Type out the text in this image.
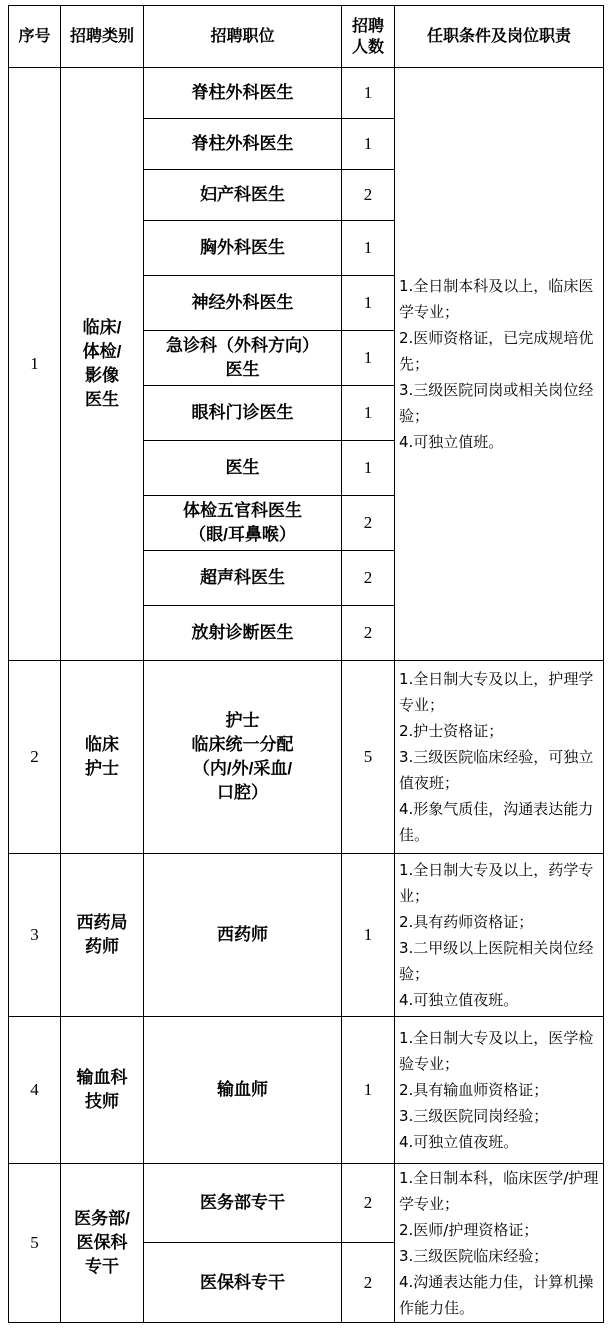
序号	招聘类别	招聘职位	招聘
人数	任职条件及岗位职责
1	临床/
体检/
影像
医生	脊柱外科医生	1	1.全日制本科及以上，临床医学专业；
2.医师资格证，已完成规培优先；
3.三级医院同岗或相关岗位经验；
4.可独立值班。
		脊柱外科医生	1	
		妇产科医生	2	
		胸外科医生	1	
		神经外科医生	1	
		急诊科（外科方向）
医生	1	
		眼科门诊医生	1	
		医生	1	
		体检五官科医生
（眼/耳鼻喉）	2	
		超声科医生	2	
		放射诊断医生	2	
2	临床
护士	护士
临床统一分配
（内/外/采血/
口腔）	5	1.全日制大专及以上，护理学专业；
2.护士资格证；
3.三级医院临床经验，可独立值夜班；
4.形象气质佳，沟通表达能力佳。
3	西药局
药师	西药师	1	1.全日制大专及以上，药学专业；
2.具有药师资格证；
3.二甲级以上医院相关岗位经验；
4.可独立值夜班。
4	输血科
技师	输血师	1	1.全日制大专及以上，医学检验专业；
2.具有输血师资格证；
3.三级医院同岗经验；
4.可独立值夜班。
5	医务部/
医保科
专干	医务部专干	2	1.全日制本科，临床医学/护理学专业；
2.医师/护理资格证；
3.三级医院临床经验；
4.沟通表达能力佳，计算机操作能力佳。
		医保科专干	2	
